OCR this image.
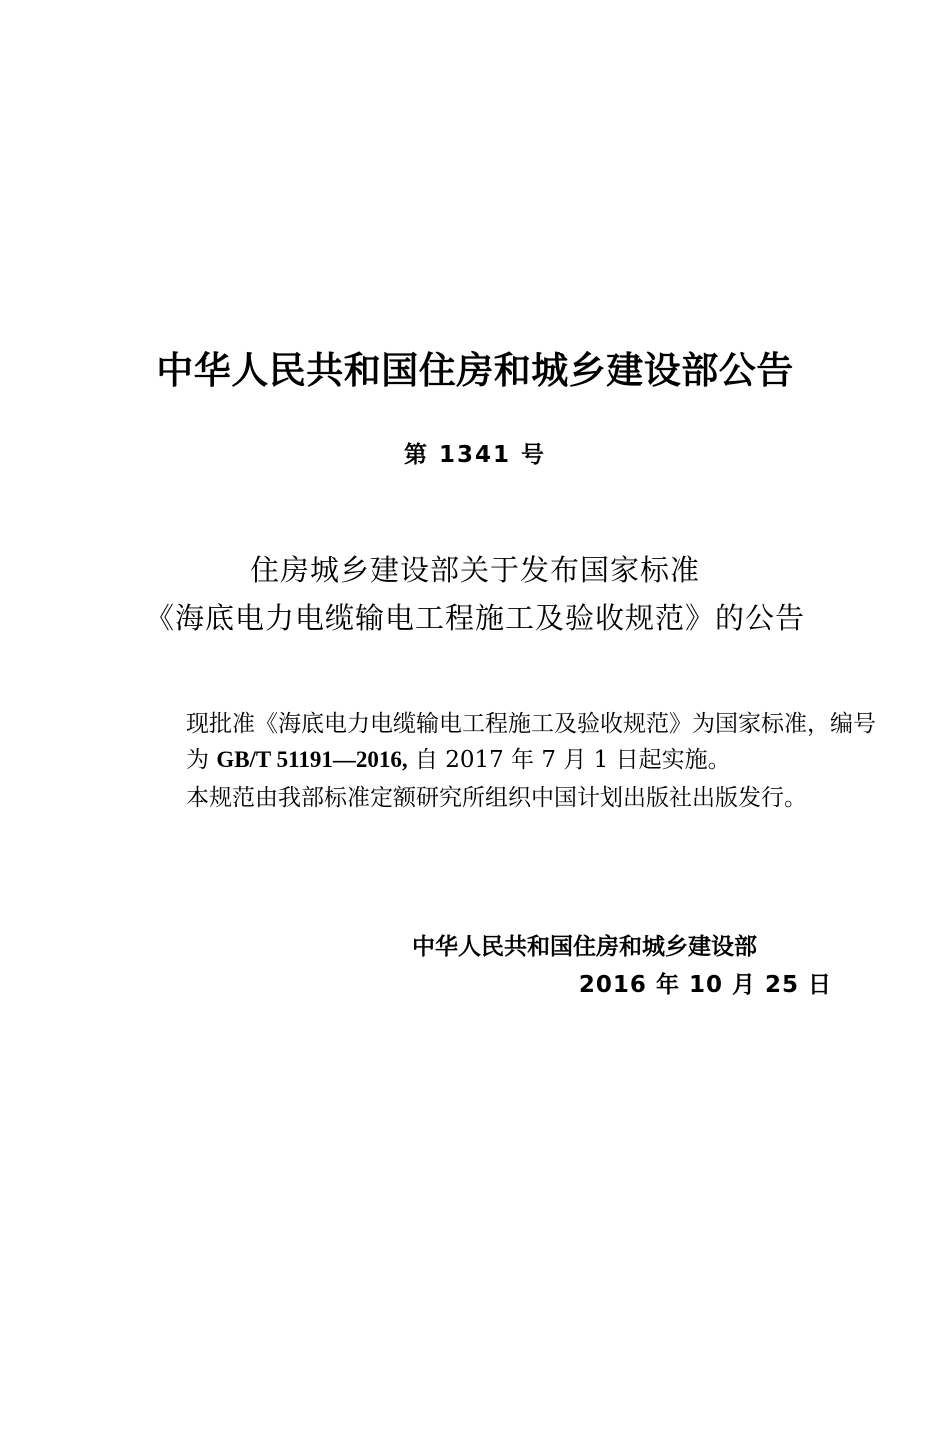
中华人民共和国住房和城乡建设部公告
第 1341 号
住房城乡建设部关于发布国家标准
《海底电力电缆输电工程施工及验收规范》的公告
现批准《海底电力电缆输电工程施工及验收规范》为国家标准，编号为 GB/T 51191—2016, 自 2017 年 7 月 1 日起实施。
本规范由我部标准定额研究所组织中国计划出版社出版发行。
中华人民共和国住房和城乡建设部
2016 年 10 月 25 日
